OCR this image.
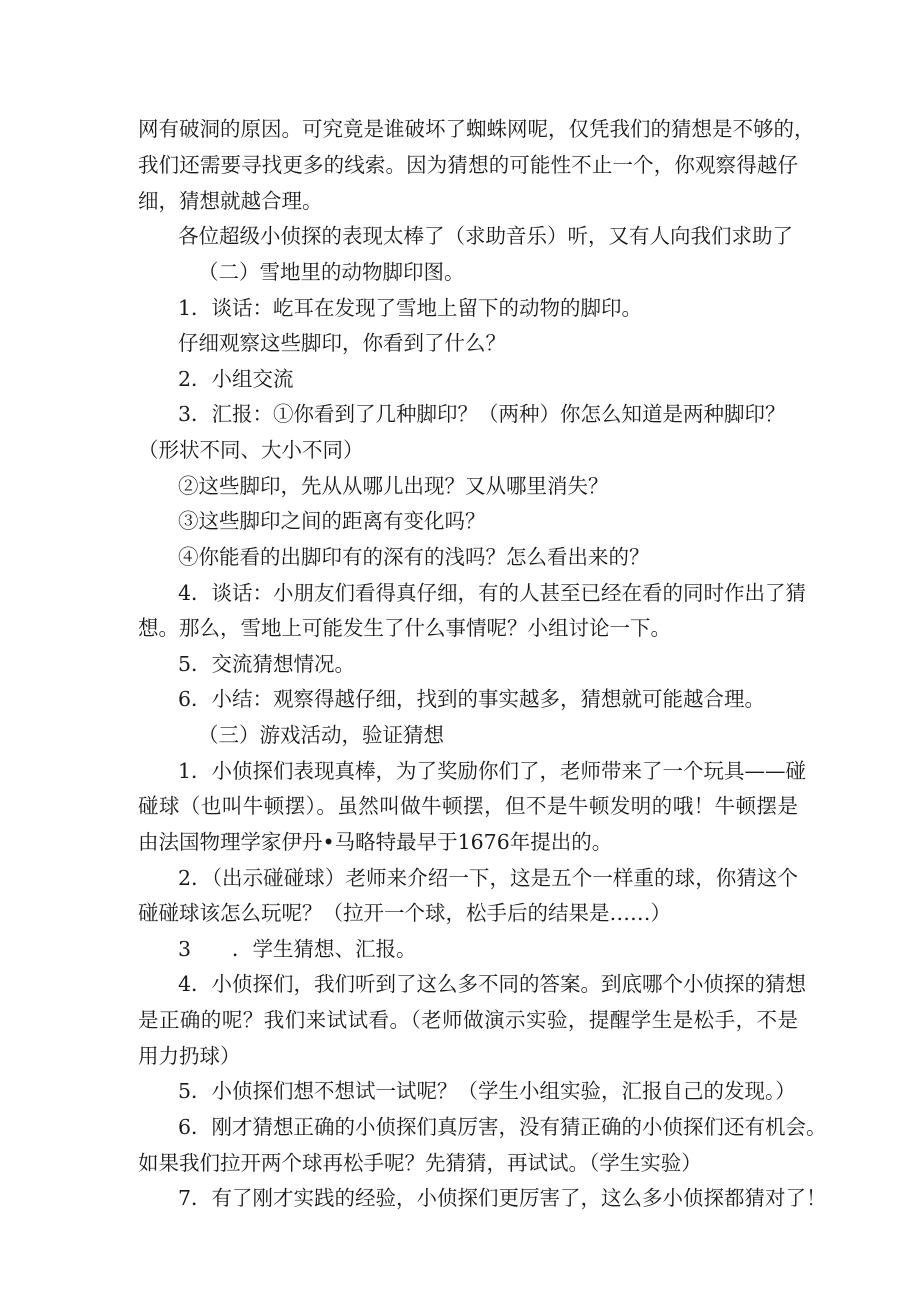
网有破洞的原因。可究竟是谁破坏了蜘蛛网呢，仅凭我们的猜想是不够的，
我们还需要寻找更多的线索。因为猜想的可能性不止一个，你观察得越仔
细，猜想就越合理。
各位超级小侦探的表现太棒了（求助音乐）听，又有人向我们求助了
（二）雪地里的动物脚印图。
1．谈话：屹耳在发现了雪地上留下的动物的脚印。
仔细观察这些脚印，你看到了什么？
2．小组交流
3．汇报：①你看到了几种脚印？（两种）你怎么知道是两种脚印？
（形状不同、大小不同）
②这些脚印，先从从哪儿出现？又从哪里消失？
③这些脚印之间的距离有变化吗？
④你能看的出脚印有的深有的浅吗？怎么看出来的？
4．谈话：小朋友们看得真仔细，有的人甚至已经在看的同时作出了猜
想。那么，雪地上可能发生了什么事情呢？小组讨论一下。
5．交流猜想情况。
6．小结：观察得越仔细，找到的事实越多，猜想就可能越合理。
（三）游戏活动，验证猜想
1．小侦探们表现真棒，为了奖励你们了，老师带来了一个玩具——碰
碰球（也叫牛顿摆）。虽然叫做牛顿摆，但不是牛顿发明的哦！牛顿摆是
由法国物理学家伊丹•马略特最早于1676年提出的。
2．（出示碰碰球）老师来介绍一下，这是五个一样重的球，你猜这个
碰碰球该怎么玩呢？（拉开一个球，松手后的结果是……）
3　　．学生猜想、汇报。
4．小侦探们，我们听到了这么多不同的答案。到底哪个小侦探的猜想
是正确的呢？我们来试试看。（老师做演示实验，提醒学生是松手，不是
用力扔球）
5．小侦探们想不想试一试呢？（学生小组实验，汇报自己的发现。）
6．刚才猜想正确的小侦探们真厉害，没有猜正确的小侦探们还有机会。
如果我们拉开两个球再松手呢？先猜猜，再试试。（学生实验）
7．有了刚才实践的经验，小侦探们更厉害了，这么多小侦探都猜对了！
